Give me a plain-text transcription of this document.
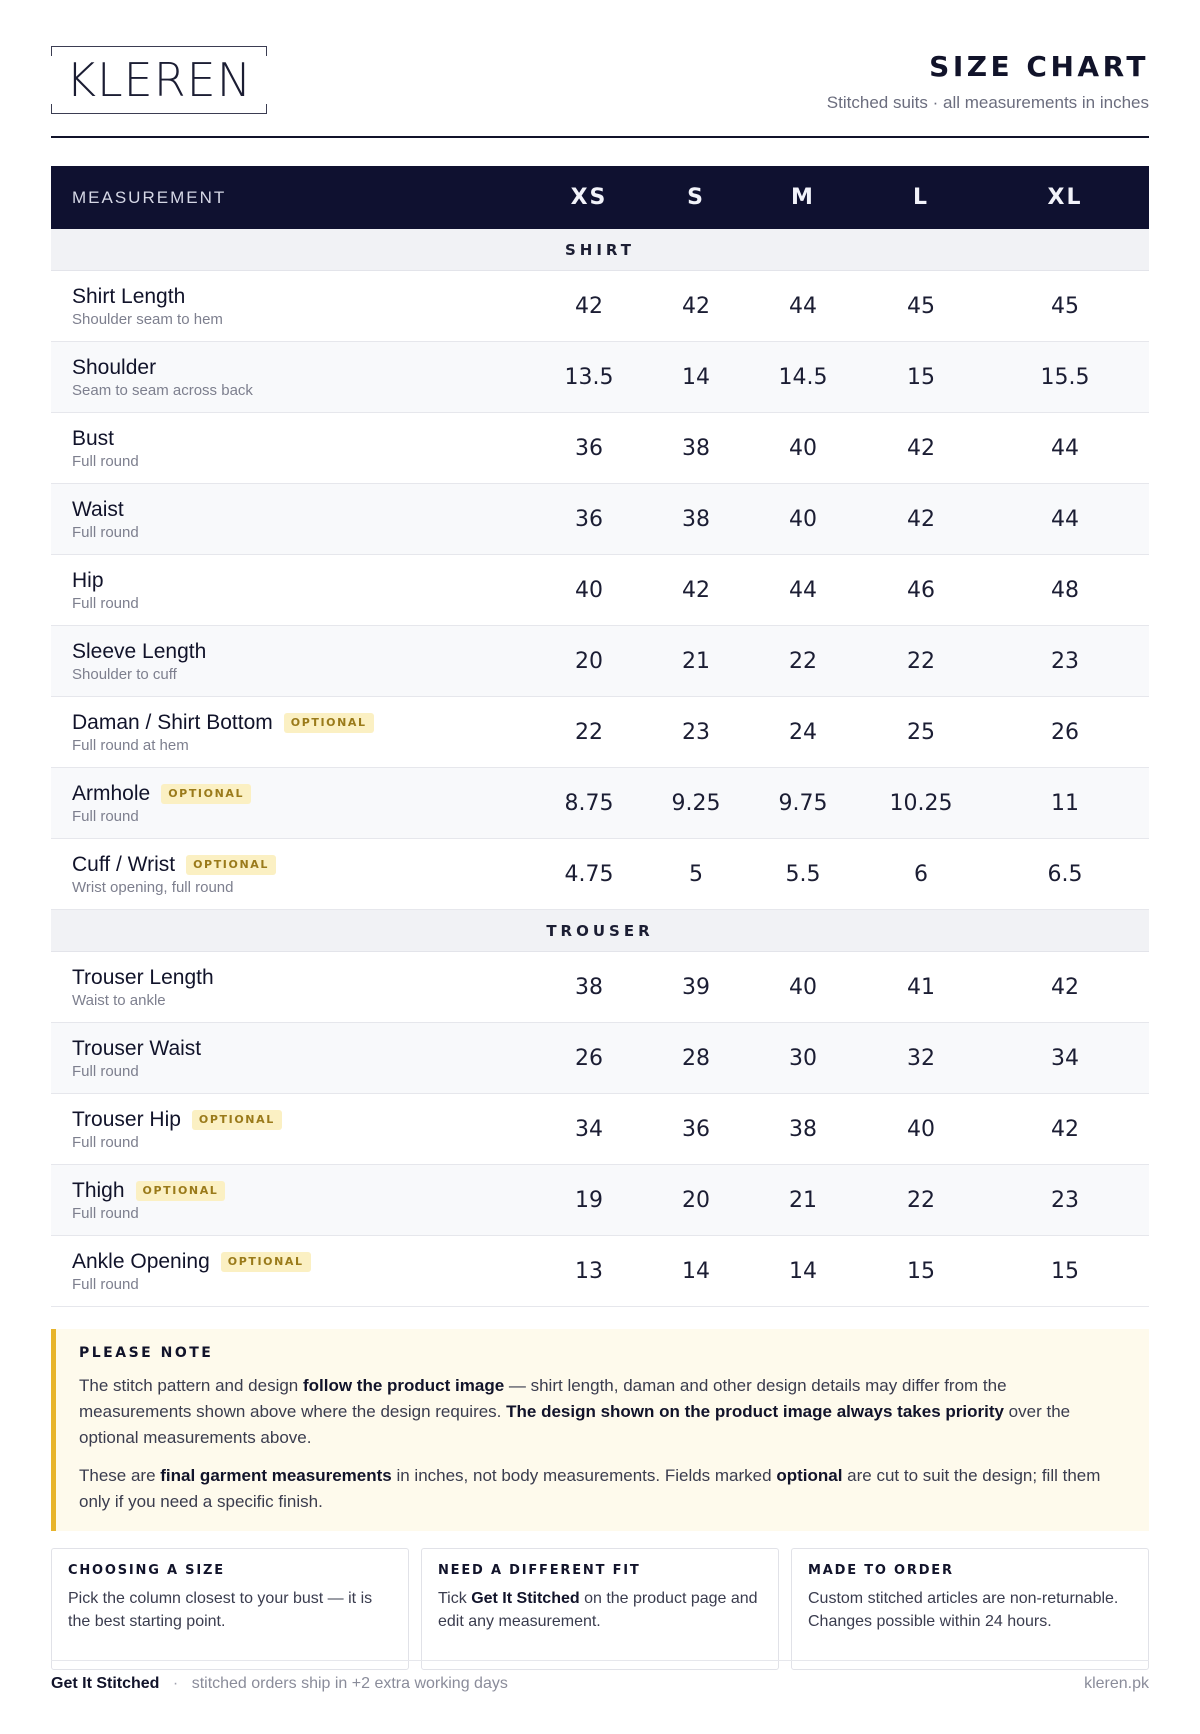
KLEREN	SIZE CHART
Stitched suits · all measurements in inches
MEASUREMENT	XS	S	M	L	XL
SHIRT					

Shirt Length
Shoulder seam to hem	42	42	44	45	45

Shoulder
Seam to seam across back	13.5	14	14.5	15	15.5

Bust
Full round	36	38	40	42	44

Waist
Full round	36	38	40	42	44

Hip
Full round	40	42	44	46	48

Sleeve Length
Shoulder to cuff	20	21	22	22	23

Daman / Shirt Bottom OPTIONAL
Full round at hem	22	23	24	25	26

Armhole OPTIONAL
Full round	8.75	9.25	9.75	10.25	11

Cuff / Wrist OPTIONAL
Wrist opening, full round	4.75	5	5.5	6	6.5
TROUSER					

Trouser Length
Waist to ankle	38	39	40	41	42

Trouser Waist
Full round	26	28	30	32	34

Trouser Hip OPTIONAL
Full round	34	36	38	40	42

Thigh OPTIONAL
Full round	19	20	21	22	23

Ankle Opening OPTIONAL
Full round	13	14	14	15	15
PLEASE NOTE

The stitch pattern and design follow the product image — shirt length, daman and other design details may differ from the measurements shown above where the design requires. The design shown on the product image always takes priority over the optional measurements above.

These are final garment measurements in inches, not body measurements. Fields marked optional are cut to suit the design; fill them only if you need a specific finish.

CHOOSING A SIZE
Pick the column closest to your bust — it is the best starting point.
NEED A DIFFERENT FIT
Tick Get It Stitched on the product page and edit any measurement.
MADE TO ORDER
Custom stitched articles are non-returnable. Changes possible within 24 hours.
Get It Stitched · stitched orders ship in +2 extra working days	kleren.pk
